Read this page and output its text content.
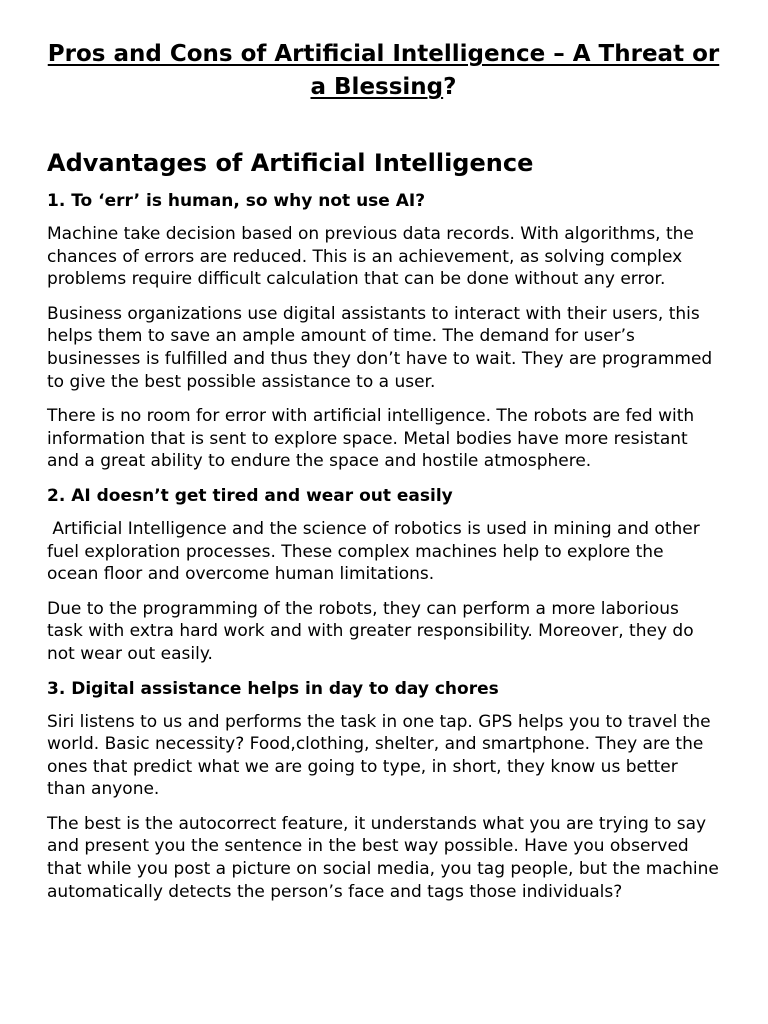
Pros and Cons of Artificial Intelligence – A Threat or a Blessing?
Advantages of Artificial Intelligence
1. To ‘err’ is human, so why not use AI?

Machine take decision based on previous data records. With algorithms, the chances of errors are reduced. This is an achievement, as solving complex problems require difficult calculation that can be done without any error.

Business organizations use digital assistants to interact with their users, this helps them to save an ample amount of time. The demand for user’s businesses is fulfilled and thus they don’t have to wait. They are programmed to give the best possible assistance to a user.

There is no room for error with artificial intelligence. The robots are fed with information that is sent to explore space. Metal bodies have more resistant and a great ability to endure the space and hostile atmosphere.

2. AI doesn’t get tired and wear out easily

Artificial Intelligence and the science of robotics is used in mining and other fuel exploration processes. These complex machines help to explore the ocean floor and overcome human limitations.

Due to the programming of the robots, they can perform a more laborious task with extra hard work and with greater responsibility. Moreover, they do not wear out easily.

3. Digital assistance helps in day to day chores

Siri listens to us and performs the task in one tap. GPS helps you to travel the world. Basic necessity? Food,clothing, shelter, and smartphone. They are the ones that predict what we are going to type, in short, they know us better than anyone.

The best is the autocorrect feature, it understands what you are trying to say and present you the sentence in the best way possible. Have you observed that while you post a picture on social media, you tag people, but the machine automatically detects the person’s face and tags those individuals?
